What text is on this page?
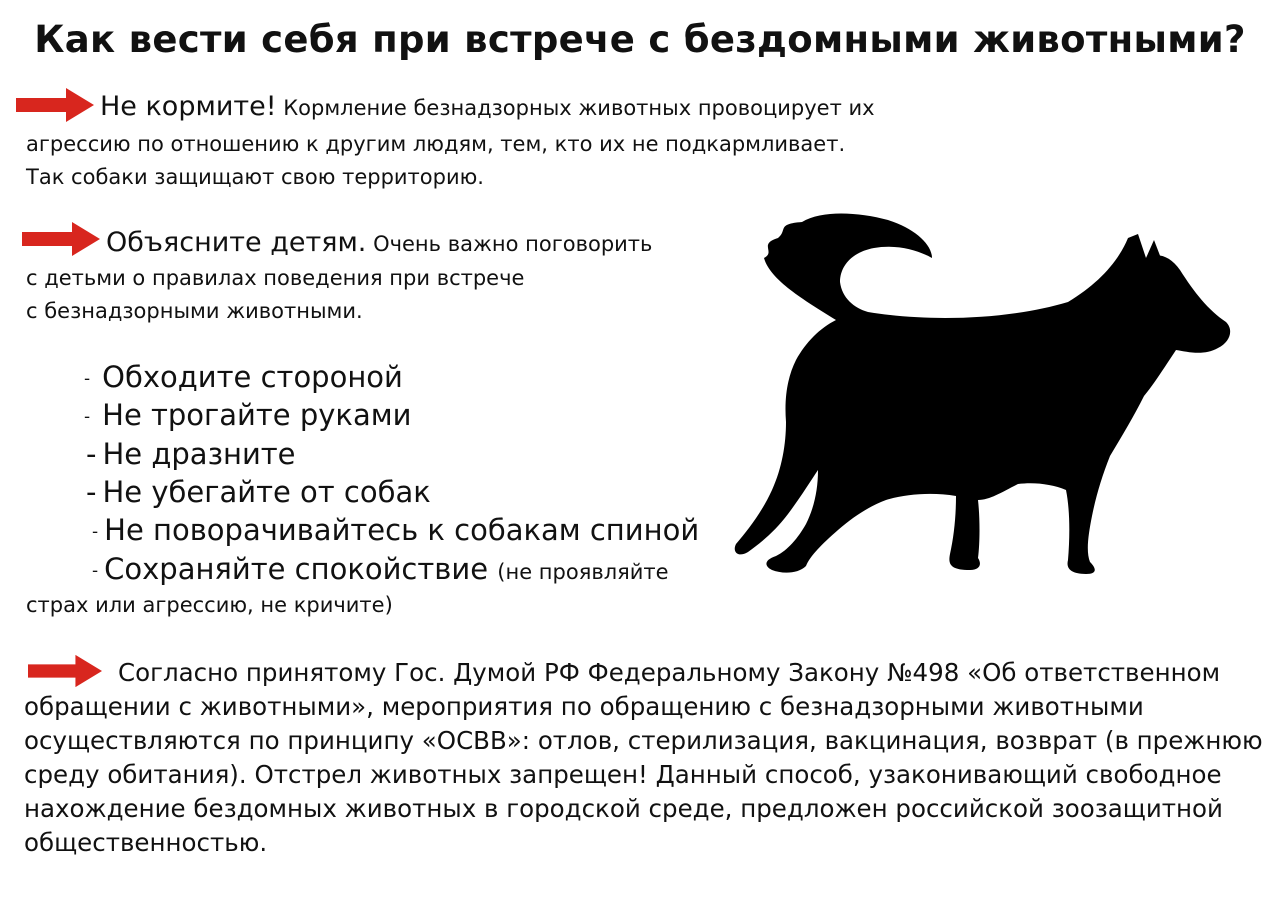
Как вести себя при встрече с бездомными животными?
Не кормите! Кормление безнадзорных животных провоцирует их
агрессию по отношению к другим людям, тем, кто их не подкармливает.
Так собаки защищают свою территорию.
Объясните детям. Очень важно поговорить
с детьми о правилах поведения при встрече
с безнадзорными животными.
- Обходите стороной
- Не трогайте руками
- Не дразните
- Не убегайте от собак
- Не поворачивайтесь к собакам спиной
- Сохраняйте спокойствие (не проявляйте
страх или агрессию, не кричите)
Согласно принятому Гос. Думой РФ Федеральному Закону №498 «Об ответственном обращении с животными», мероприятия по обращению с безнадзорными животными осуществляются по принципу «ОСВВ»: отлов, стерилизация, вакцинация, возврат (в прежнюю среду обитания). Отстрел животных запрещен! Данный способ, узаконивающий свободное нахождение бездомных животных в городской среде, предложен российской зоозащитной общественностью.
